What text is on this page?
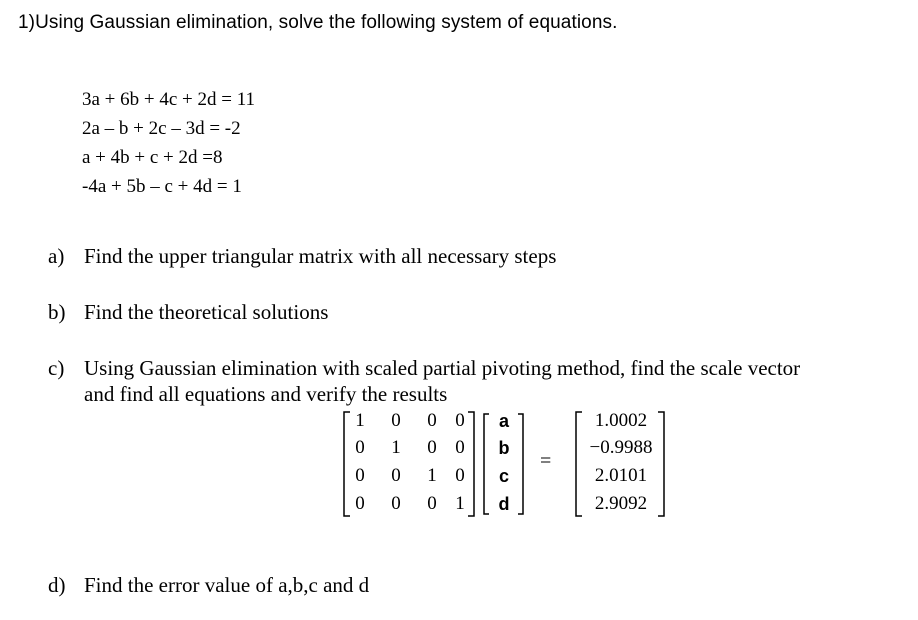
1)Using Gaussian elimination, solve the following system of equations.
3a + 6b + 4c + 2d = 11
2a – b + 2c – 3d = -2
a + 4b + c + 2d =8
-4a + 5b – c + 4d = 1
a) Find the upper triangular matrix with all necessary steps
b) Find the theoretical solutions
c) Using Gaussian elimination with scaled partial pivoting method, find the scale vector
and find all equations and verify the results
d) Find the error value of a,b,c and d
1 0 0 0
0 1 0 0
0 0 1 0
0 0 0 1
a
b
c
d
=
1.0002
−0.9988
2.0101
2.9092
